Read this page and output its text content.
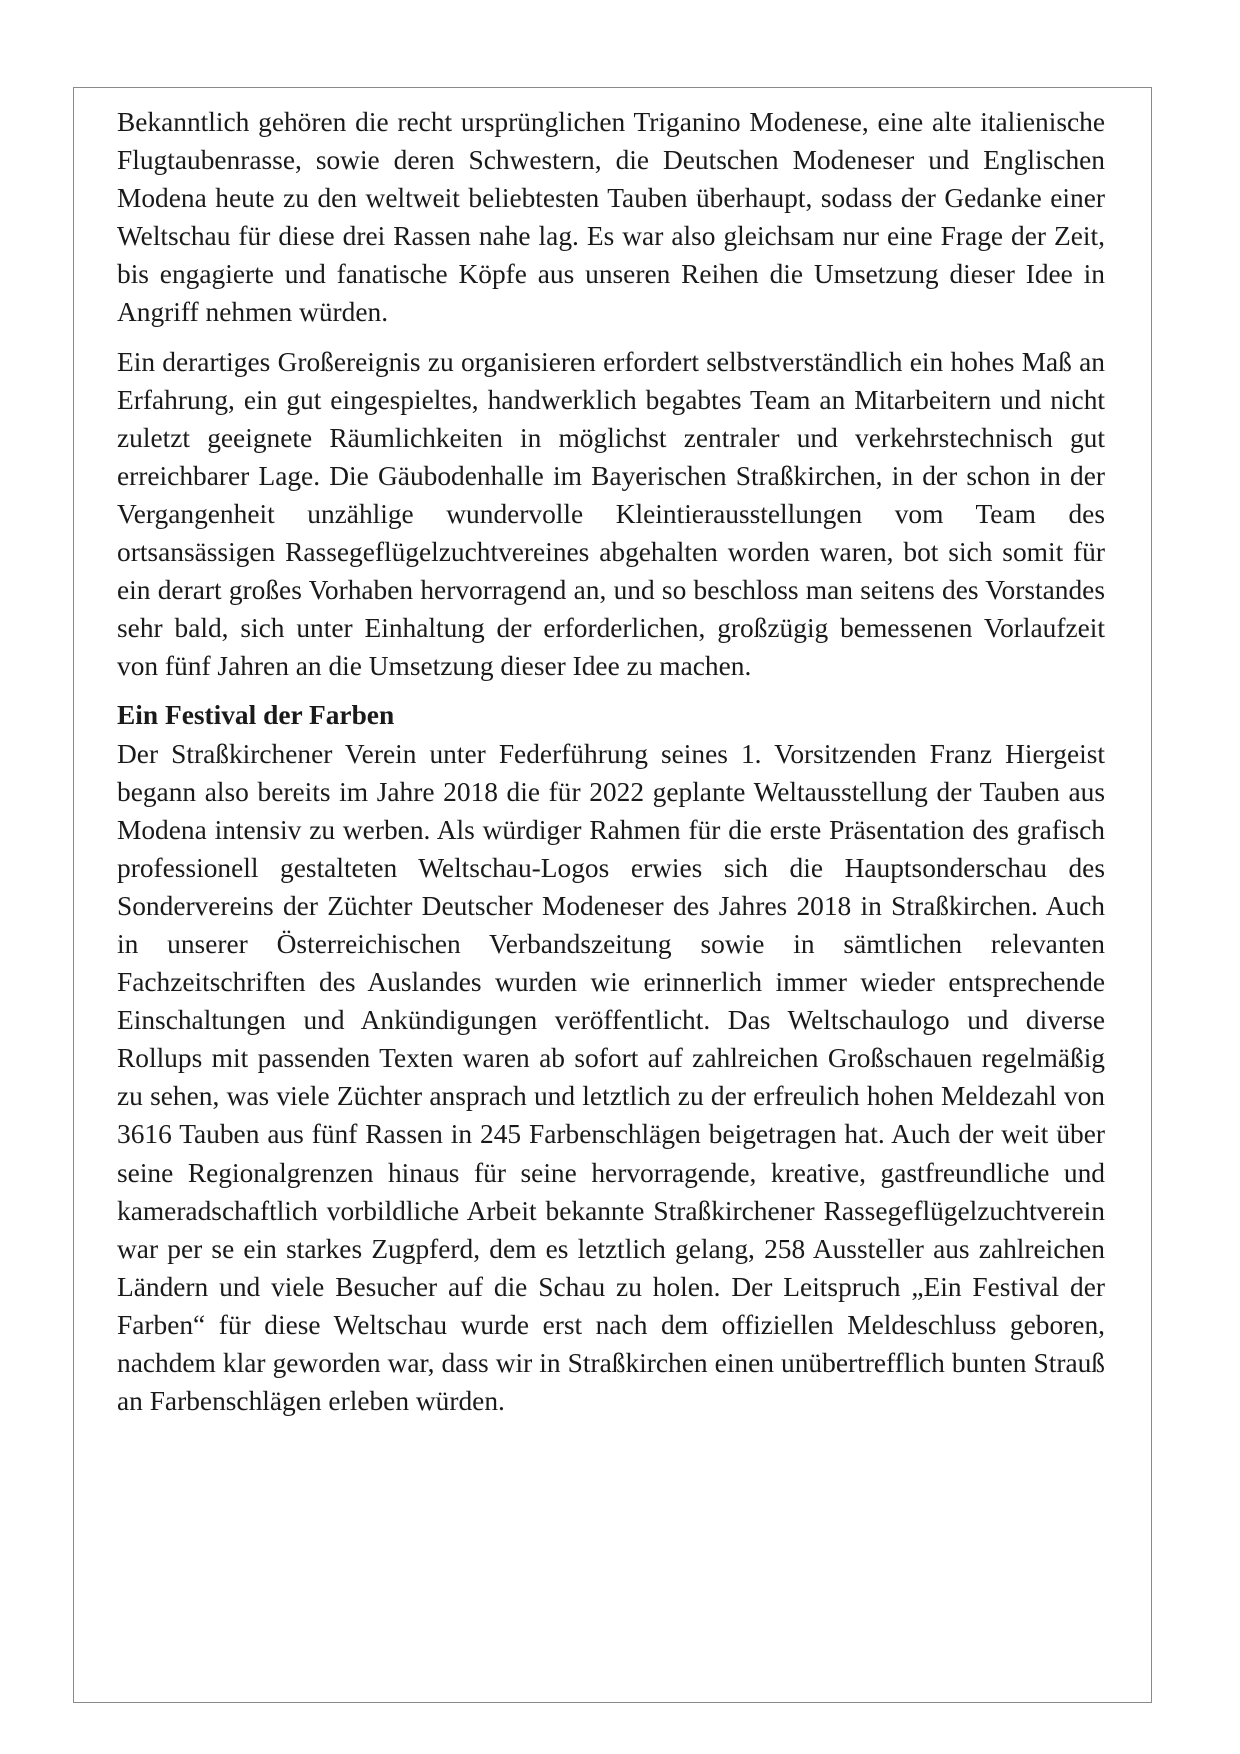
Bekanntlich gehören die recht ursprünglichen Triganino Modenese, eine alte italienische Flugtaubenrasse, sowie deren Schwestern, die Deutschen Modeneser und Englischen Modena heute zu den weltweit beliebtesten Tauben überhaupt, sodass der Gedanke einer Weltschau für diese drei Rassen nahe lag. Es war also gleichsam nur eine Frage der Zeit, bis engagierte und fanatische Köpfe aus unseren Reihen die Umsetzung dieser Idee in Angriff nehmen würden.

Ein derartiges Großereignis zu organisieren erfordert selbstverständlich ein hohes Maß an Erfahrung, ein gut eingespieltes, handwerklich begabtes Team an Mitarbeitern und nicht zuletzt geeignete Räumlichkeiten in möglichst zentraler und verkehrstechnisch gut erreichbarer Lage. Die Gäubodenhalle im Bayerischen Straßkirchen, in der schon in der Vergangenheit unzählige wundervolle Kleintierausstellungen vom Team des ortsansässigen Rassegeflügelzuchtvereines abgehalten worden waren, bot sich somit für ein derart großes Vorhaben hervorragend an, und so beschloss man seitens des Vorstandes sehr bald, sich unter Einhaltung der erforderlichen, großzügig bemessenen Vorlaufzeit von fünf Jahren an die Umsetzung dieser Idee zu machen.

Ein Festival der Farben

Der Straßkirchener Verein unter Federführung seines 1. Vorsitzenden Franz Hiergeist begann also bereits im Jahre 2018 die für 2022 geplante Weltausstellung der Tauben aus Modena intensiv zu werben. Als würdiger Rahmen für die erste Präsentation des grafisch professionell gestalteten Weltschau-Logos erwies sich die Hauptsonderschau des Sondervereins der Züchter Deutscher Modeneser des Jahres 2018 in Straßkirchen. Auch in unserer Österreichischen Verbandszeitung sowie in sämtlichen relevanten Fachzeitschriften des Auslandes wurden wie erinnerlich immer wieder entsprechende Einschaltungen und Ankündigungen veröffentlicht. Das Weltschaulogo und diverse Rollups mit passenden Texten waren ab sofort auf zahlreichen Großschauen regelmäßig zu sehen, was viele Züchter ansprach und letztlich zu der erfreulich hohen Meldezahl von 3616 Tauben aus fünf Rassen in 245 Farbenschlägen beigetragen hat. Auch der weit über seine Regionalgrenzen hinaus für seine hervorragende, kreative, gastfreundliche und kameradschaftlich vorbildliche Arbeit bekannte Straßkirchener Rassegeflügelzuchtverein war per se ein starkes Zugpferd, dem es letztlich gelang, 258 Aussteller aus zahlreichen Ländern und viele Besucher auf die Schau zu holen. Der Leitspruch „Ein Festival der Farben“ für diese Weltschau wurde erst nach dem offiziellen Meldeschluss geboren, nachdem klar geworden war, dass wir in Straßkirchen einen unübertrefflich bunten Strauß an Farbenschlägen erleben würden.
